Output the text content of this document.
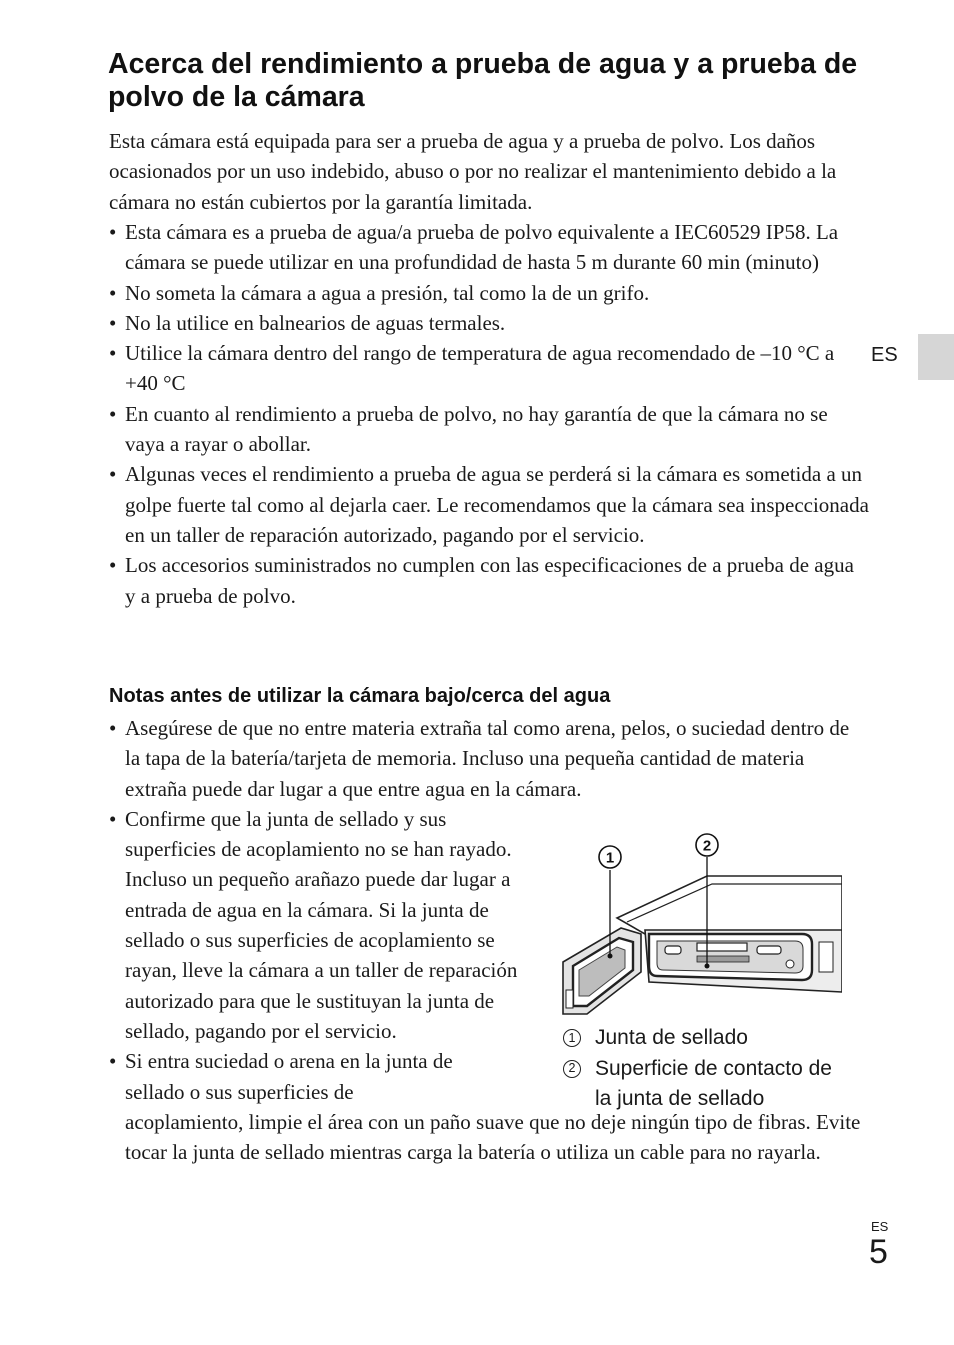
Acerca del rendimiento a prueba de agua y a prueba de polvo de la cámara

Esta cámara está equipada para ser a prueba de agua y a prueba de polvo. Los daños ocasionados por un uso indebido, abuso o por no realizar el mantenimiento debido a la cámara no están cubiertos por la garantía limitada.

• Esta cámara es a prueba de agua/a prueba de polvo equivalente a IEC60529 IP58. La cámara se puede utilizar en una profundidad de hasta 5 m durante 60 min (minuto)
• No someta la cámara a agua a presión, tal como la de un grifo.
• No la utilice en balnearios de aguas termales.
• Utilice la cámara dentro del rango de temperatura de agua recomendado de –10 °C a +40 °C
• En cuanto al rendimiento a prueba de polvo, no hay garantía de que la cámara no se vaya a rayar o abollar.
• Algunas veces el rendimiento a prueba de agua se perderá si la cámara es sometida a un golpe fuerte tal como al dejarla caer. Le recomendamos que la cámara sea inspeccionada en un taller de reparación autorizado, pagando por el servicio.
• Los accesorios suministrados no cumplen con las especificaciones de a prueba de agua y a prueba de polvo.
Notas antes de utilizar la cámara bajo/cerca del agua
• Asegúrese de que no entre materia extraña tal como arena, pelos, o suciedad dentro de la tapa de la batería/tarjeta de memoria. Incluso una pequeña cantidad de materia extraña puede dar lugar a que entre agua en la cámara.
• Confirme que la junta de sellado y sus superficies de acoplamiento no se han rayado. Incluso un pequeño arañazo puede dar lugar a entrada de agua en la cámara. Si la junta de sellado o sus superficies de acoplamiento se rayan, lleve la cámara a un taller de reparación autorizado para que le sustituyan la junta de sellado, pagando por el servicio.
• Si entra suciedad o arena en la junta de sellado o sus superficies de
acoplamiento, limpie el área con un paño suave que no deje ningún tipo de fibras. Evite tocar la junta de sellado mientras carga la batería o utiliza un cable para no rayarla.
ES
1
2
1 Junta de sellado
2 Superficie de contacto de la junta de sellado
ES
5
